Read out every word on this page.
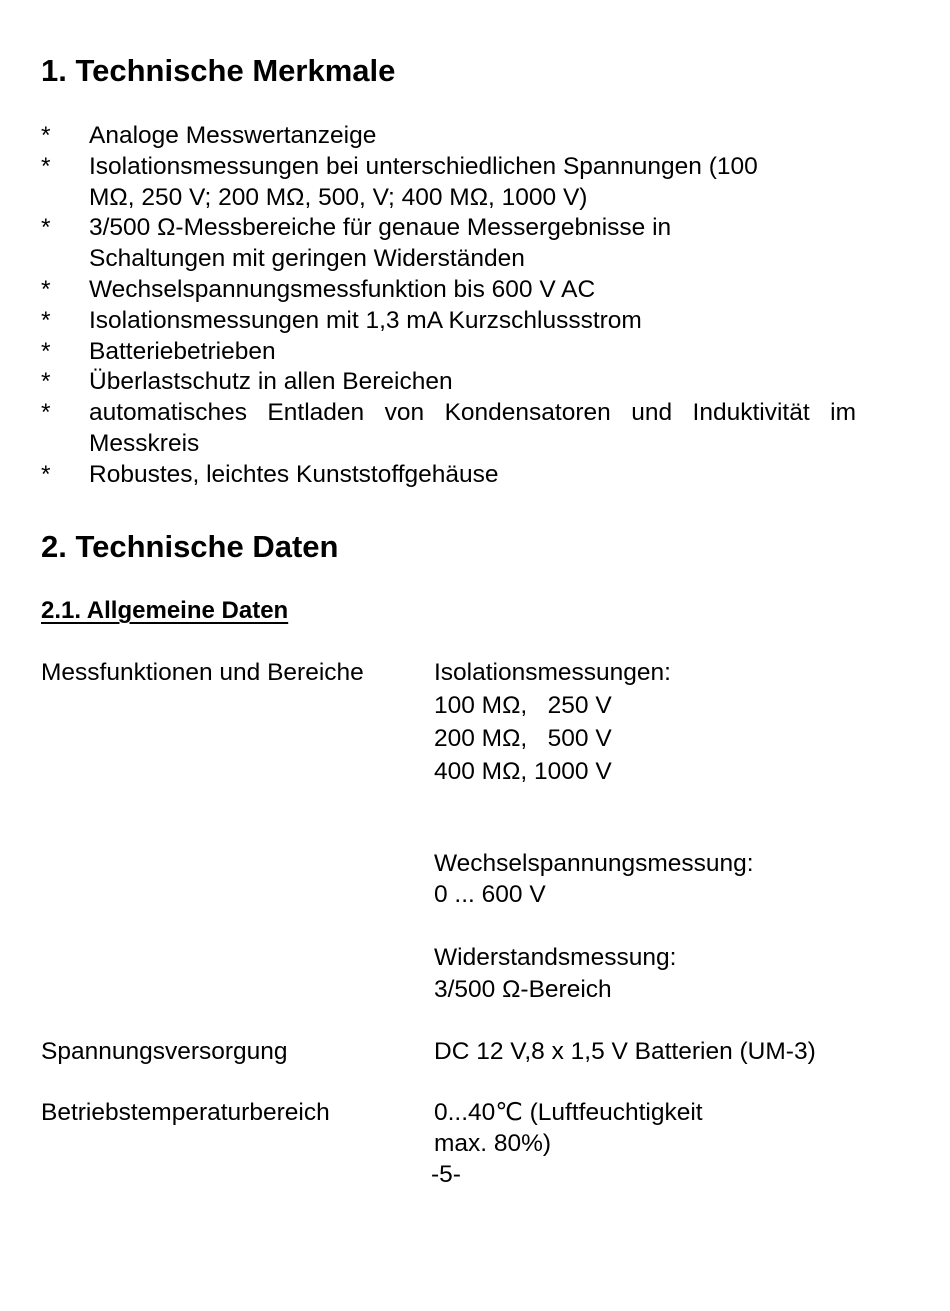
1. Technische Merkmale
* Analoge Messwertanzeige
* Isolationsmessungen bei unterschiedlichen Spannungen (100 MΩ, 250 V; 200 MΩ, 500, V; 400 MΩ, 1000 V)
* 3/500 Ω-Messbereiche für genaue Messergebnisse in Schaltungen mit geringen Widerständen
* Wechselspannungsmessfunktion bis 600 V AC
* Isolationsmessungen mit 1,3 mA Kurzschlussstrom
* Batteriebetrieben
* Überlastschutz in allen Bereichen
* automatisches Entladen von Kondensatoren und Induktivität im Messkreis
* Robustes, leichtes Kunststoffgehäuse
2. Technische Daten
2.1. Allgemeine Daten
Messfunktionen und Bereiche	Isolationsmessungen:
100 MΩ,   250 V
200 MΩ,   500 V
400 MΩ, 1000 V
Wechselspannungsmessung:
0 ... 600 V
Widerstandsmessung:
3/500 Ω-Bereich
Spannungsversorgung	DC 12 V,8 x 1,5 V Batterien (UM-3)
Betriebstemperaturbereich	0...40℃ (Luftfeuchtigkeit
max. 80%)
-5-
